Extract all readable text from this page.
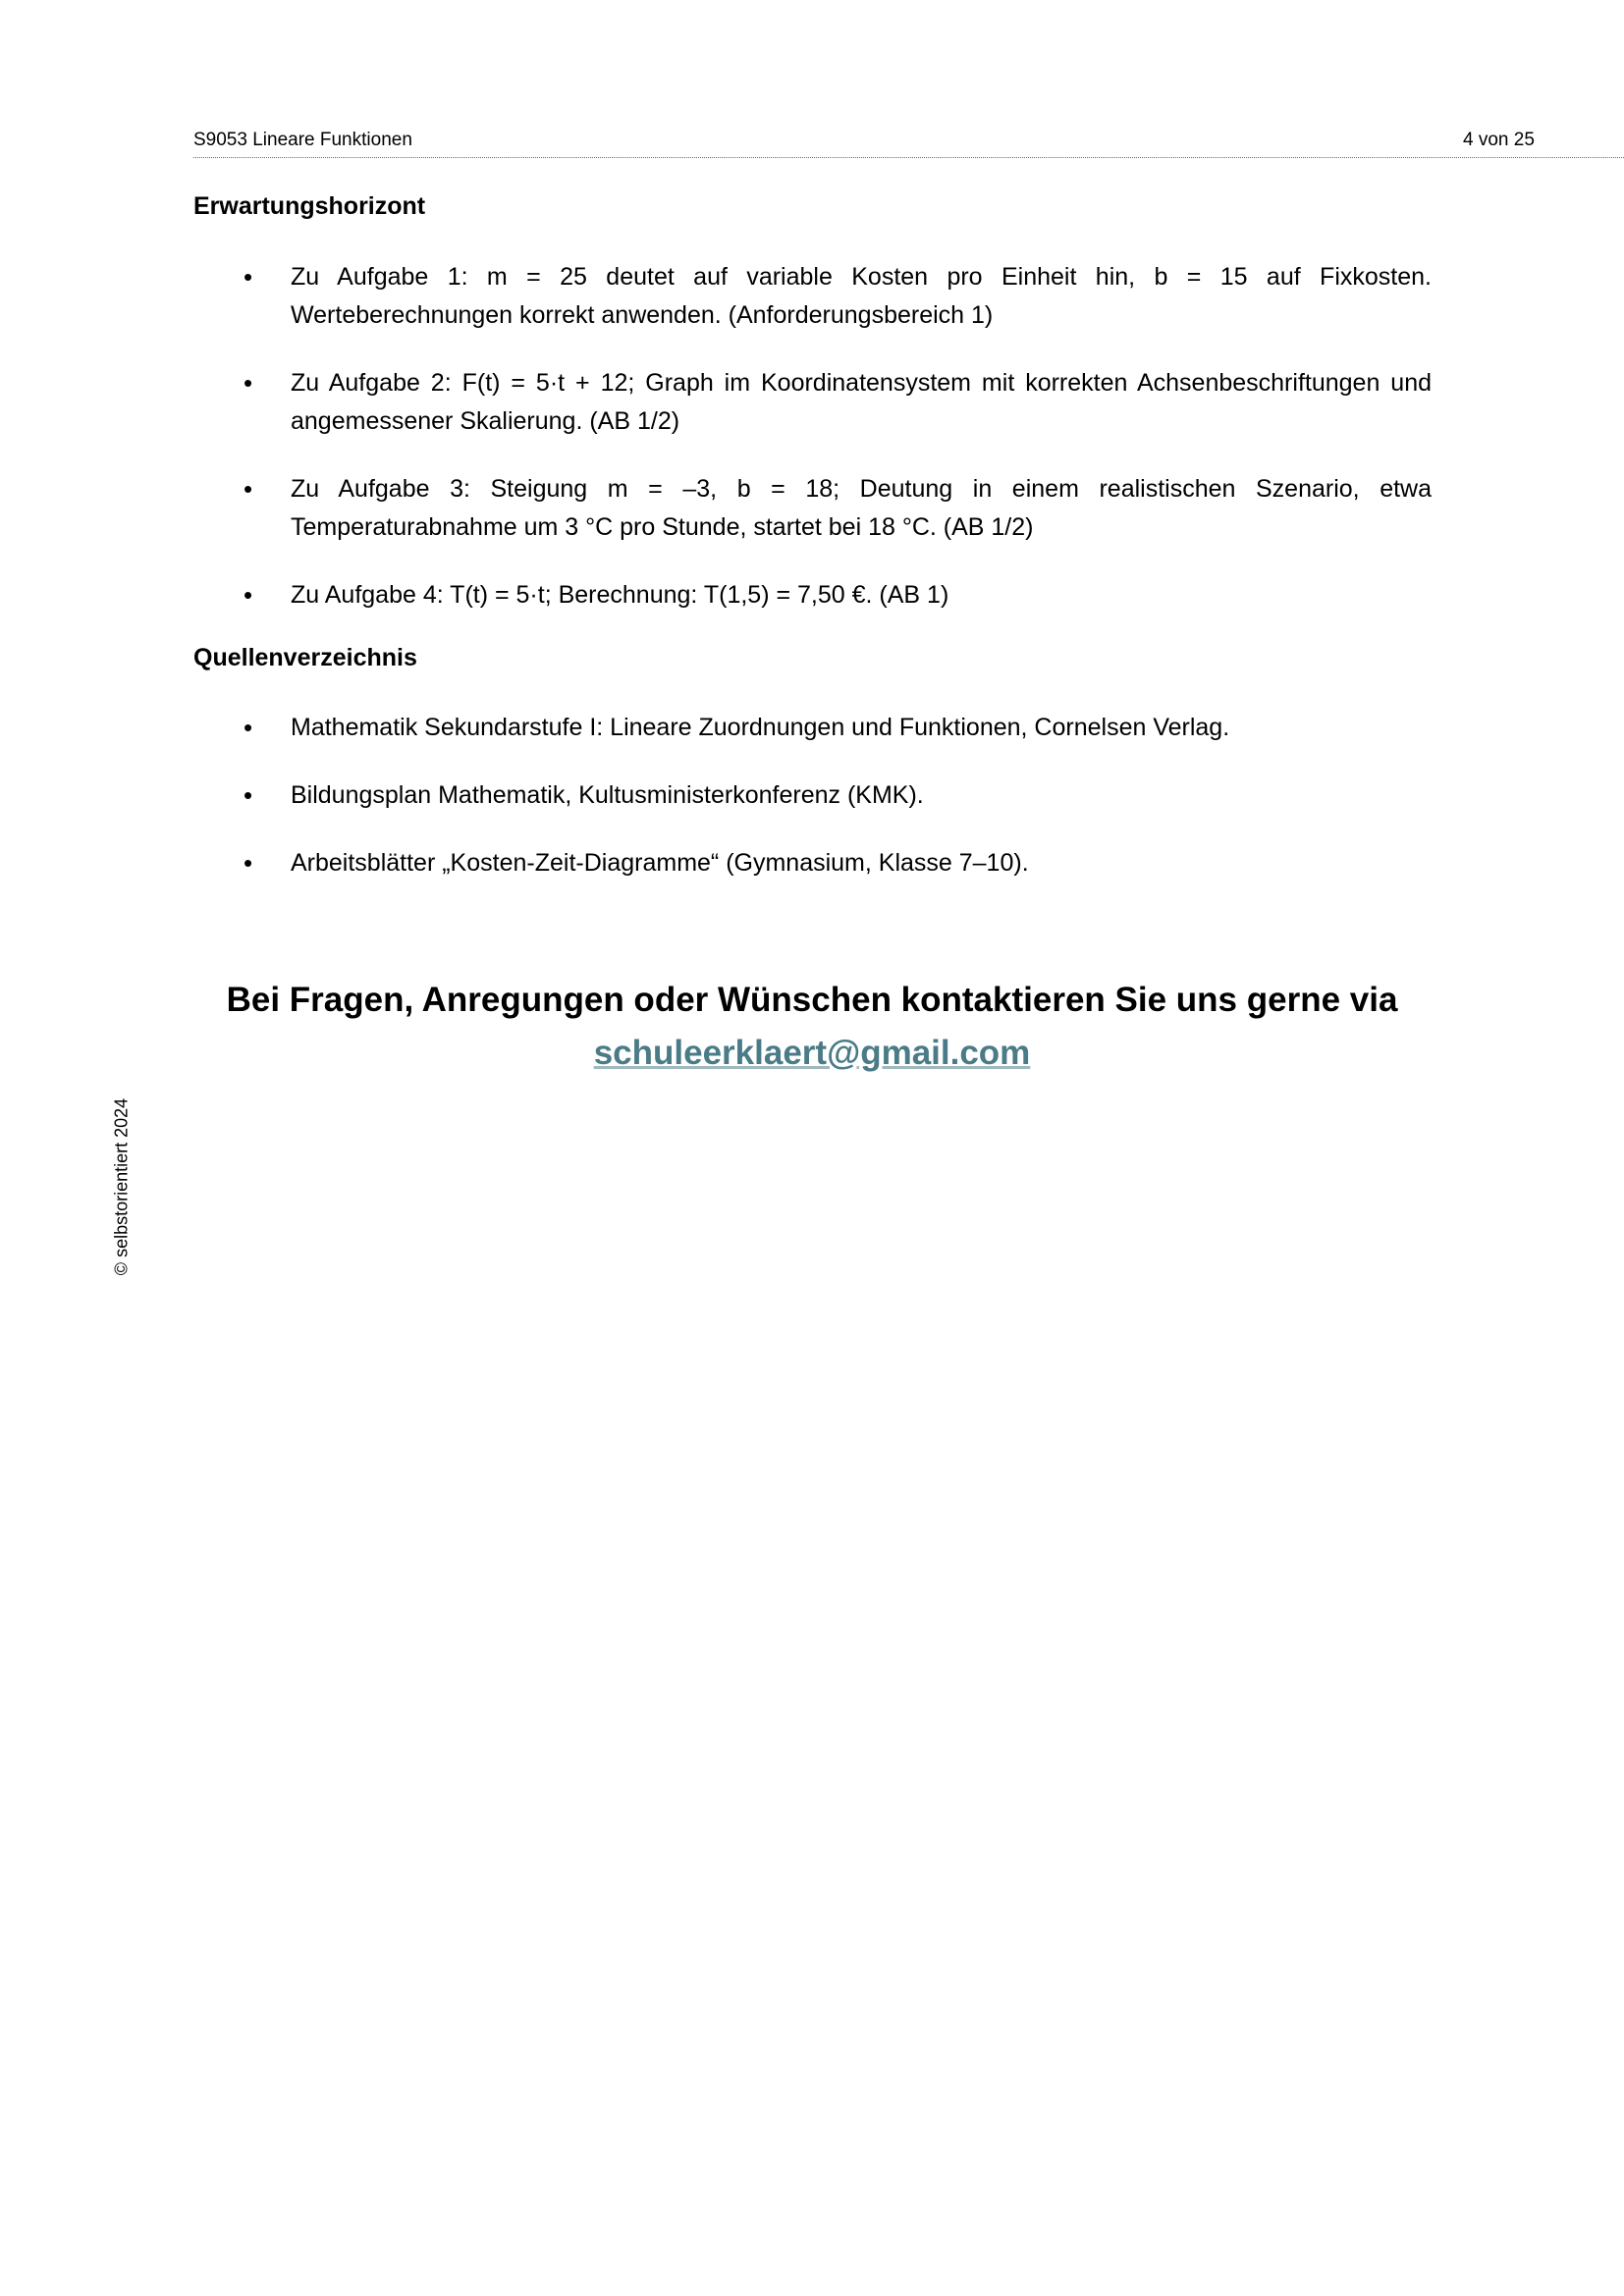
S9053 Lineare Funktionen	4 von 25
Erwartungshorizont
•	Zu Aufgabe 1: m = 25 deutet auf variable Kosten pro Einheit hin, b = 15 auf Fixkosten. Werteberechnungen korrekt anwenden. (Anforderungsbereich 1)
•	Zu Aufgabe 2: F(t) = 5·t + 12; Graph im Koordinatensystem mit korrekten Achsenbeschriftungen und angemessener Skalierung. (AB 1/2)
•	Zu Aufgabe 3: Steigung m = –3, b = 18; Deutung in einem realistischen Szenario, etwa Temperaturabnahme um 3 °C pro Stunde, startet bei 18 °C. (AB 1/2)
•	Zu Aufgabe 4: T(t) = 5·t; Berechnung: T(1,5) = 7,50 €. (AB 1)
Quellenverzeichnis
•	Mathematik Sekundarstufe I: Lineare Zuordnungen und Funktionen, Cornelsen Verlag.
•	Bildungsplan Mathematik, Kultusministerkonferenz (KMK).
•	Arbeitsblätter „Kosten-Zeit-Diagramme“ (Gymnasium, Klasse 7–10).
Bei Fragen, Anregungen oder Wünschen kontaktieren Sie uns gerne via
schuleerklaert@gmail.com
© selbstorientiert 2024
